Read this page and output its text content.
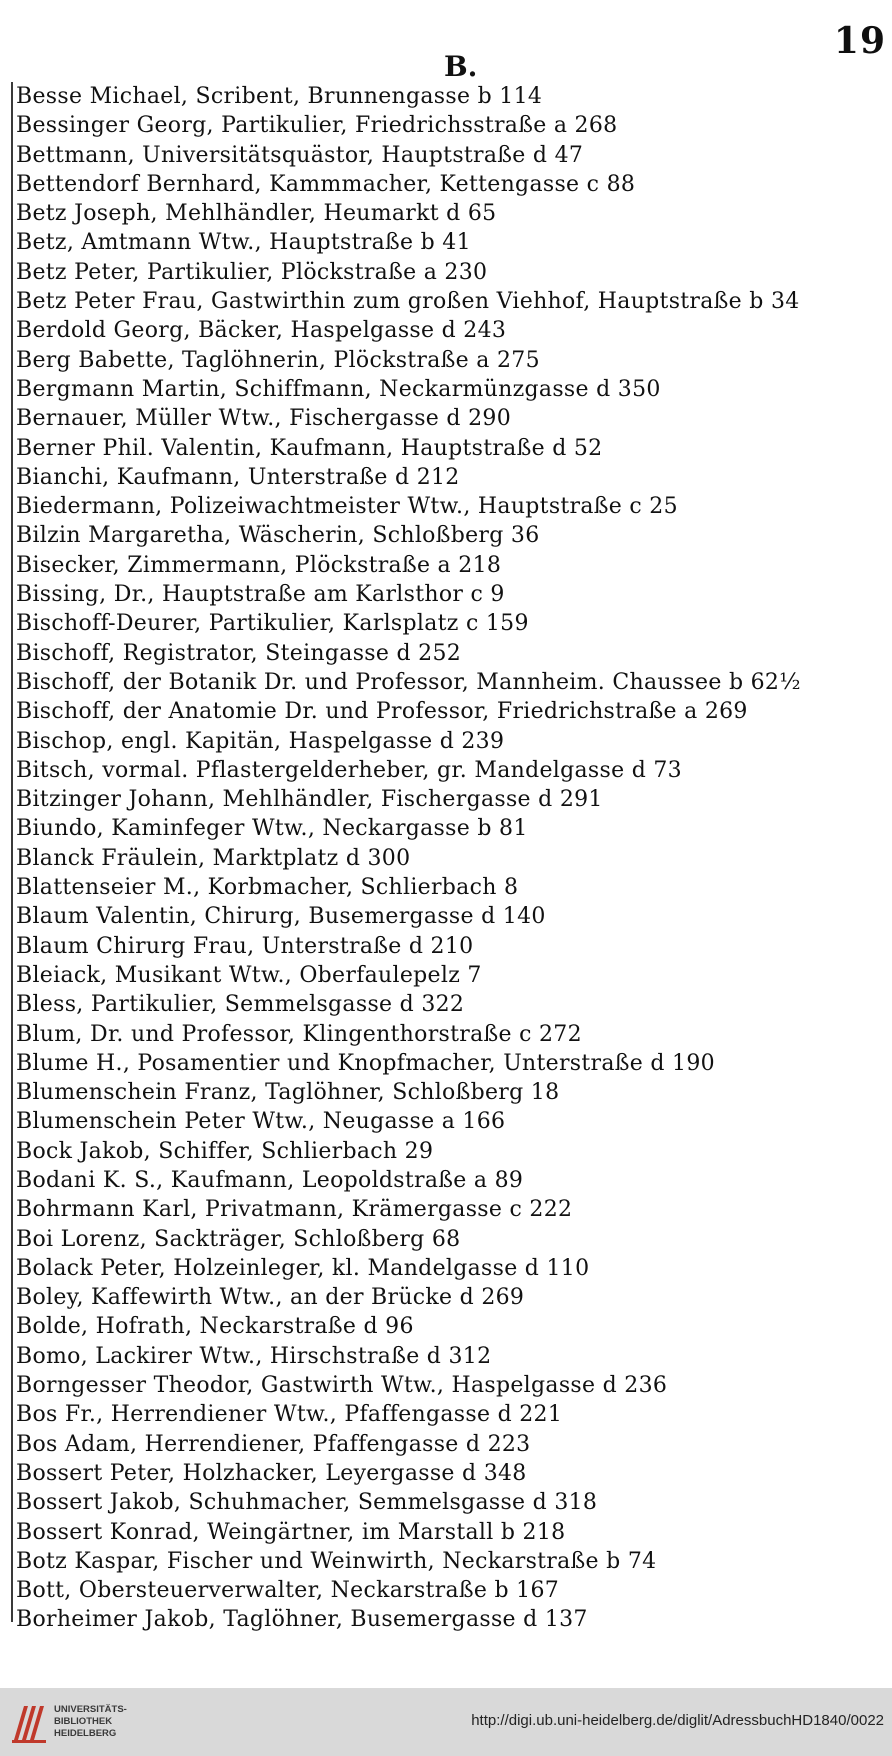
19
B.
Besse Michael, Scribent, Brunnengasse b 114
Bessinger Georg, Partikulier, Friedrichsstraße a 268
Bettmann, Universitätsquästor, Hauptstraße d 47
Bettendorf Bernhard, Kammmacher, Kettengasse c 88
Betz Joseph, Mehlhändler, Heumarkt d 65
Betz, Amtmann Wtw., Hauptstraße b 41
Betz Peter, Partikulier, Plöckstraße a 230
Betz Peter Frau, Gastwirthin zum großen Viehhof, Hauptstraße b 34
Berdold Georg, Bäcker, Haspelgasse d 243
Berg Babette, Taglöhnerin, Plöckstraße a 275
Bergmann Martin, Schiffmann, Neckarmünzgasse d 350
Bernauer, Müller Wtw., Fischergasse d 290
Berner Phil. Valentin, Kaufmann, Hauptstraße d 52
Bianchi, Kaufmann, Unterstraße d 212
Biedermann, Polizeiwachtmeister Wtw., Hauptstraße c 25
Bilzin Margaretha, Wäscherin, Schloßberg 36
Bisecker, Zimmermann, Plöckstraße a 218
Bissing, Dr., Hauptstraße am Karlsthor c 9
Bischoff-Deurer, Partikulier, Karlsplatz c 159
Bischoff, Registrator, Steingasse d 252
Bischoff, der Botanik Dr. und Professor, Mannheim. Chaussee b 62½
Bischoff, der Anatomie Dr. und Professor, Friedrichstraße a 269
Bischop, engl. Kapitän, Haspelgasse d 239
Bitsch, vormal. Pflastergelderheber, gr. Mandelgasse d 73
Bitzinger Johann, Mehlhändler, Fischergasse d 291
Biundo, Kaminfeger Wtw., Neckargasse b 81
Blanck Fräulein, Marktplatz d 300
Blattenseier M., Korbmacher, Schlierbach 8
Blaum Valentin, Chirurg, Busemergasse d 140
Blaum Chirurg Frau, Unterstraße d 210
Bleiack, Musikant Wtw., Oberfaulepelz 7
Bless, Partikulier, Semmelsgasse d 322
Blum, Dr. und Professor, Klingenthorstraße c 272
Blume H., Posamentier und Knopfmacher, Unterstraße d 190
Blumenschein Franz, Taglöhner, Schloßberg 18
Blumenschein Peter Wtw., Neugasse a 166
Bock Jakob, Schiffer, Schlierbach 29
Bodani K. S., Kaufmann, Leopoldstraße a 89
Bohrmann Karl, Privatmann, Krämergasse c 222
Boi Lorenz, Sackträger, Schloßberg 68
Bolack Peter, Holzeinleger, kl. Mandelgasse d 110
Boley, Kaffewirth Wtw., an der Brücke d 269
Bolde, Hofrath, Neckarstraße d 96
Bomo, Lackirer Wtw., Hirschstraße d 312
Borngesser Theodor, Gastwirth Wtw., Haspelgasse d 236
Bos Fr., Herrendiener Wtw., Pfaffengasse d 221
Bos Adam, Herrendiener, Pfaffengasse d 223
Bossert Peter, Holzhacker, Leyergasse d 348
Bossert Jakob, Schuhmacher, Semmelsgasse d 318
Bossert Konrad, Weingärtner, im Marstall b 218
Botz Kaspar, Fischer und Weinwirth, Neckarstraße b 74
Bott, Obersteuerverwalter, Neckarstraße b 167
Borheimer Jakob, Taglöhner, Busemergasse d 137
UNIVERSITÄTS-
BIBLIOTHEK
HEIDELBERG
http://digi.ub.uni-heidelberg.de/diglit/AdressbuchHD1840/0022
